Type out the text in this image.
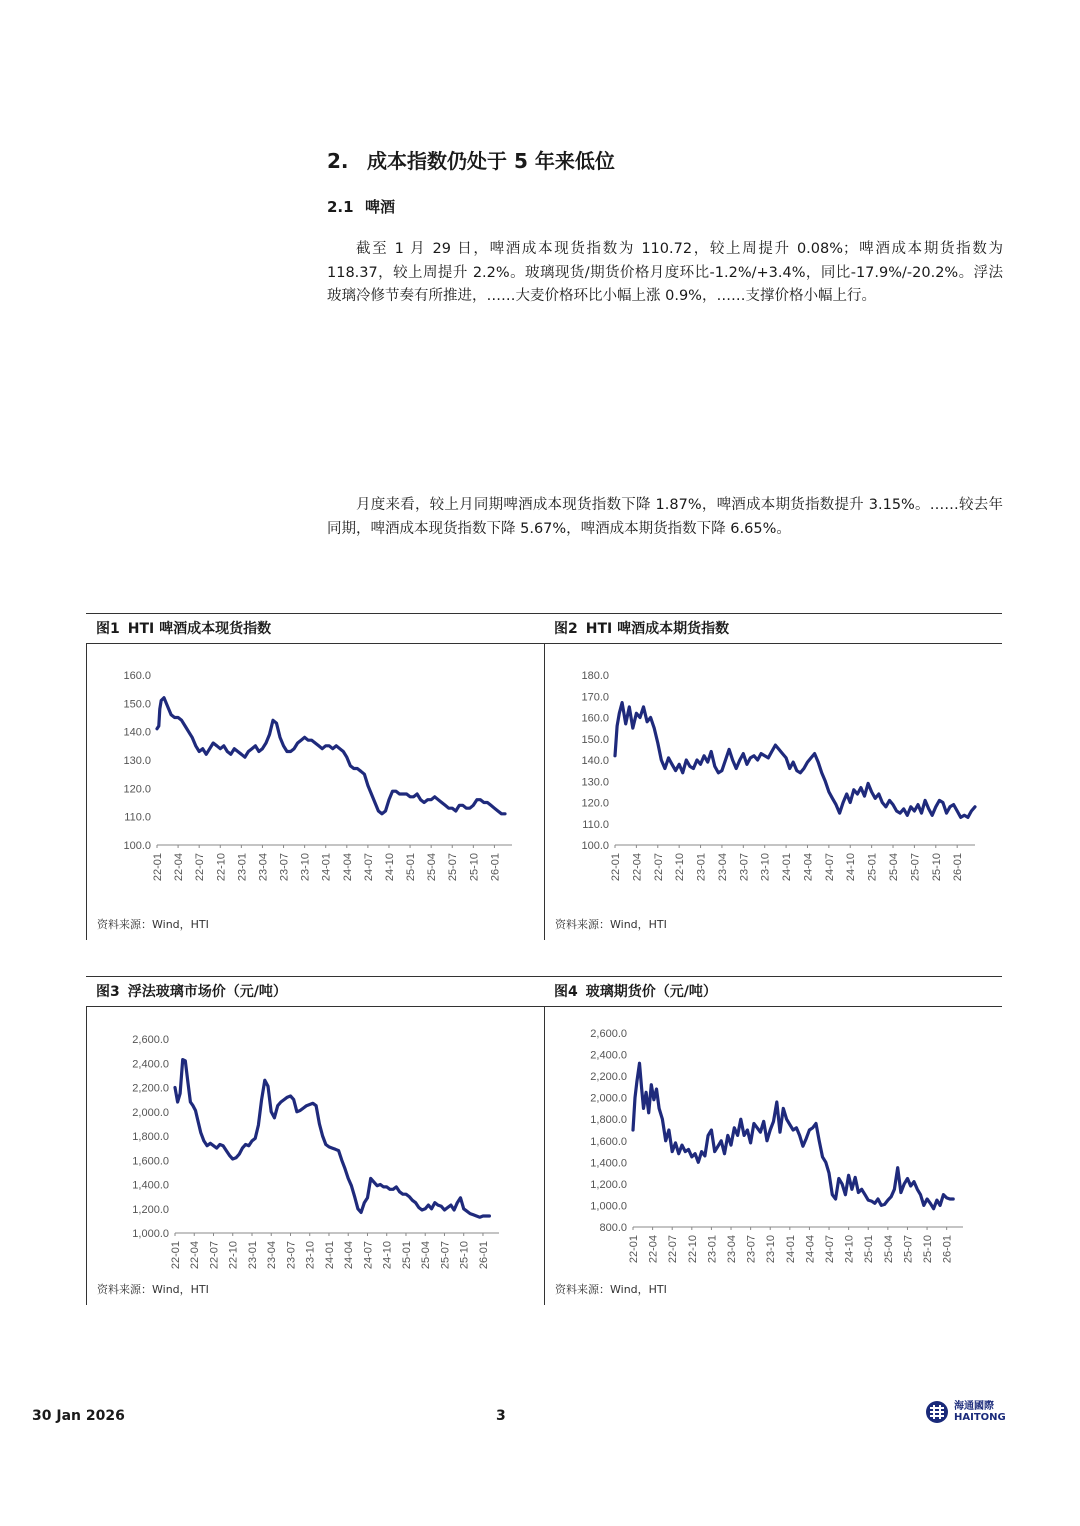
2. 成本指数仍处于 5 年来低位
2.1 啤酒

截至 1 月 29 日，啤酒成本现货指数为 110.72，较上周提升 0.08%；啤酒成本期货指数为 118.37，较上周提升 2.2%。玻璃现货/期货价格月度环比-1.2%/+3.4%，同比-17.9%/-20.2%。浮法玻璃冷修节奏有所推进，……大麦价格环比小幅上涨 0.9%，……支撑价格小幅上行。

月度来看，较上月同期啤酒成本现货指数下降 1.87%，啤酒成本期货指数提升 3.15%。……较去年同期，啤酒成本现货指数下降 5.67%，啤酒成本期货指数下降 6.65%。

图1 HTI 啤酒成本现货指数
100.0
110.0
120.0
130.0
140.0
150.0
160.0
22-01 22-04 22-07 22-10 23-01 23-04 23-07 23-10 24-01 24-04 24-07 24-10 25-01 25-04 25-07 25-10 26-01
资料来源：Wind，HTI
图2 HTI 啤酒成本期货指数
100.0
110.0
120.0
130.0
140.0
150.0
160.0
170.0
180.0
22-01 22-04 22-07 22-10 23-01 23-04 23-07 23-10 24-01 24-04 24-07 24-10 25-01 25-04 25-07 25-10 26-01
资料来源：Wind，HTI
图3 浮法玻璃市场价（元/吨）
1,000.0
1,200.0
1,400.0
1,600.0
1,800.0
2,000.0
2,200.0
2,400.0
2,600.0
22-01 22-04 22-07 22-10 23-01 23-04 23-07 23-10 24-01 24-04 24-07 24-10 25-01 25-04 25-07 25-10 26-01
资料来源：Wind，HTI
图4 玻璃期货价（元/吨）
800.0
1,000.0
1,200.0
1,400.0
1,600.0
1,800.0
2,000.0
2,200.0
2,400.0
2,600.0
22-01 22-04 22-07 22-10 23-01 23-04 23-07 23-10 24-01 24-04 24-07 24-10 25-01 25-04 25-07 25-10 26-01
资料来源：Wind，HTI
30 Jan 2026	3
海通國際
HAITONG
